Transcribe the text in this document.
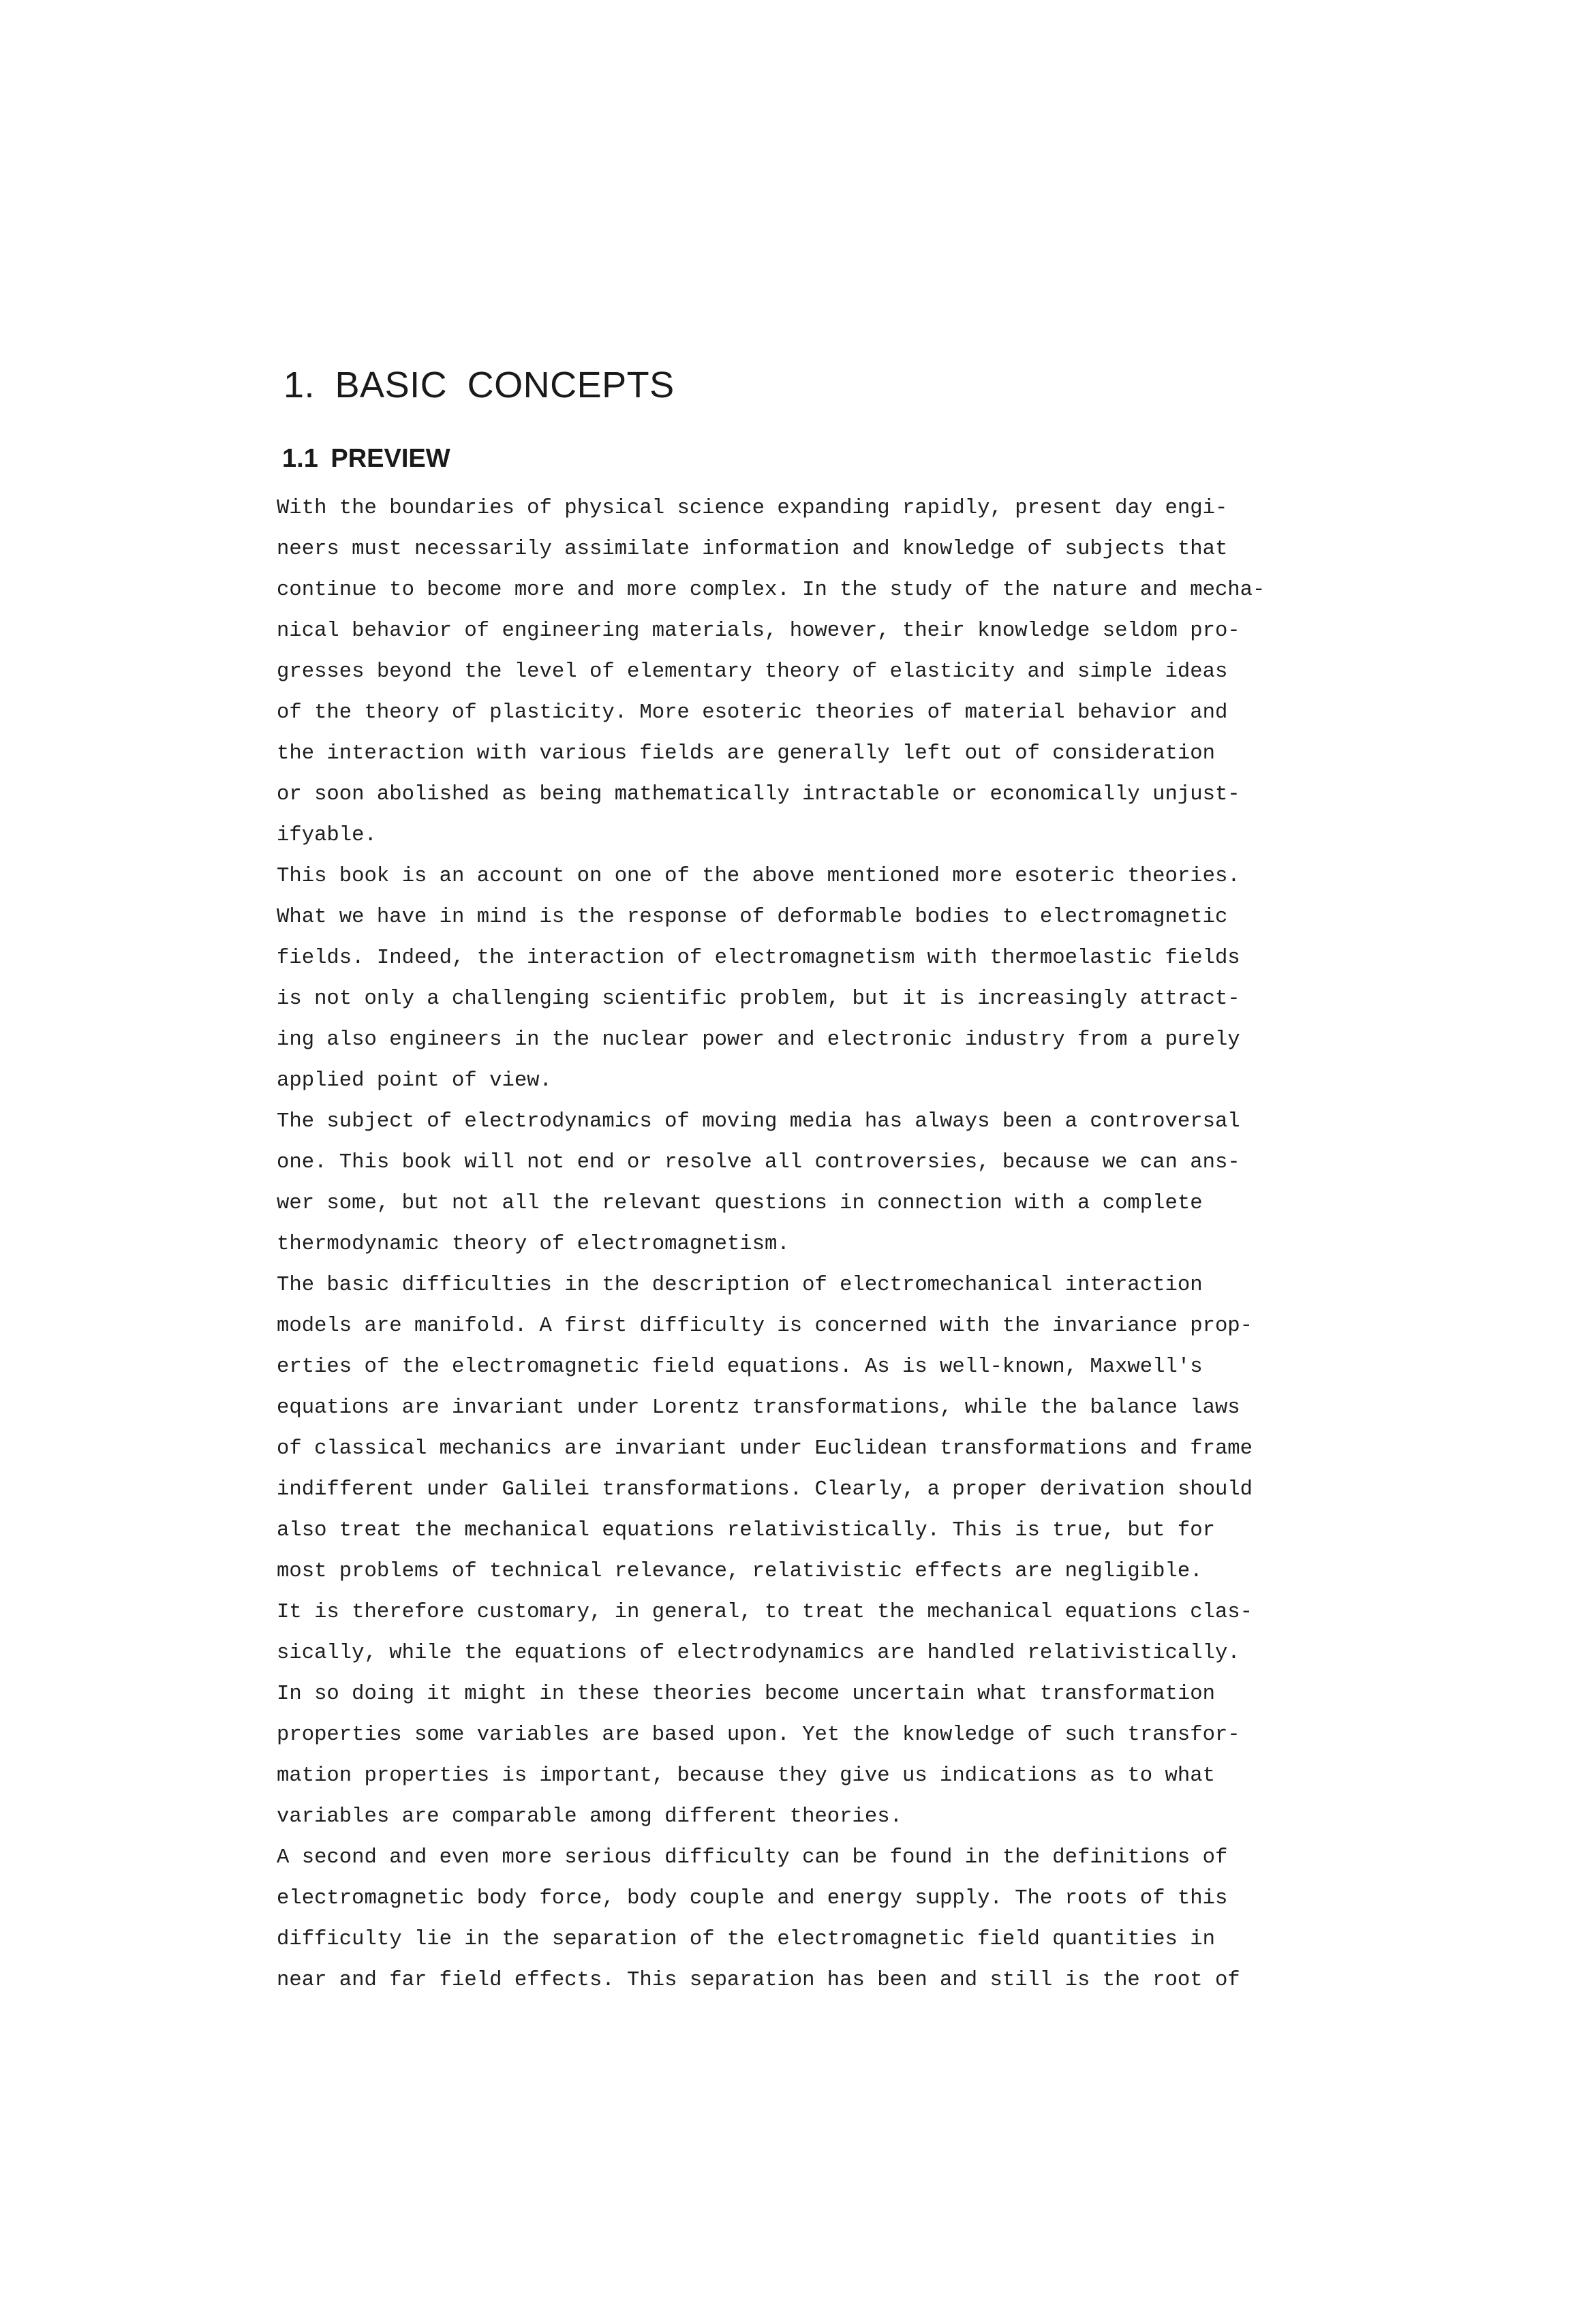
1. BASIC CONCEPTS
1.1 PREVIEW
With the boundaries of physical science expanding rapidly, present day engi-
neers must necessarily assimilate information and knowledge of subjects that
continue to become more and more complex. In the study of the nature and mecha-
nical behavior of engineering materials, however, their knowledge seldom pro-
gresses beyond the level of elementary theory of elasticity and simple ideas
of the theory of plasticity. More esoteric theories of material behavior and
the interaction with various fields are generally left out of consideration
or soon abolished as being mathematically intractable or economically unjust-
ifyable.
This book is an account on one of the above mentioned more esoteric theories.
What we have in mind is the response of deformable bodies to electromagnetic
fields. Indeed, the interaction of electromagnetism with thermoelastic fields
is not only a challenging scientific problem, but it is increasingly attract-
ing also engineers in the nuclear power and electronic industry from a purely
applied point of view.
The subject of electrodynamics of moving media has always been a controversal
one. This book will not end or resolve all controversies, because we can ans-
wer some, but not all the relevant questions in connection with a complete
thermodynamic theory of electromagnetism.
The basic difficulties in the description of electromechanical interaction
models are manifold. A first difficulty is concerned with the invariance prop-
erties of the electromagnetic field equations. As is well-known, Maxwell's
equations are invariant under Lorentz transformations, while the balance laws
of classical mechanics are invariant under Euclidean transformations and frame
indifferent under Galilei transformations. Clearly, a proper derivation should
also treat the mechanical equations relativistically. This is true, but for
most problems of technical relevance, relativistic effects are negligible.
It is therefore customary, in general, to treat the mechanical equations clas-
sically, while the equations of electrodynamics are handled relativistically.
In so doing it might in these theories become uncertain what transformation
properties some variables are based upon. Yet the knowledge of such transfor-
mation properties is important, because they give us indications as to what
variables are comparable among different theories.
A second and even more serious difficulty can be found in the definitions of
electromagnetic body force, body couple and energy supply. The roots of this
difficulty lie in the separation of the electromagnetic field quantities in
near and far field effects. This separation has been and still is the root of
